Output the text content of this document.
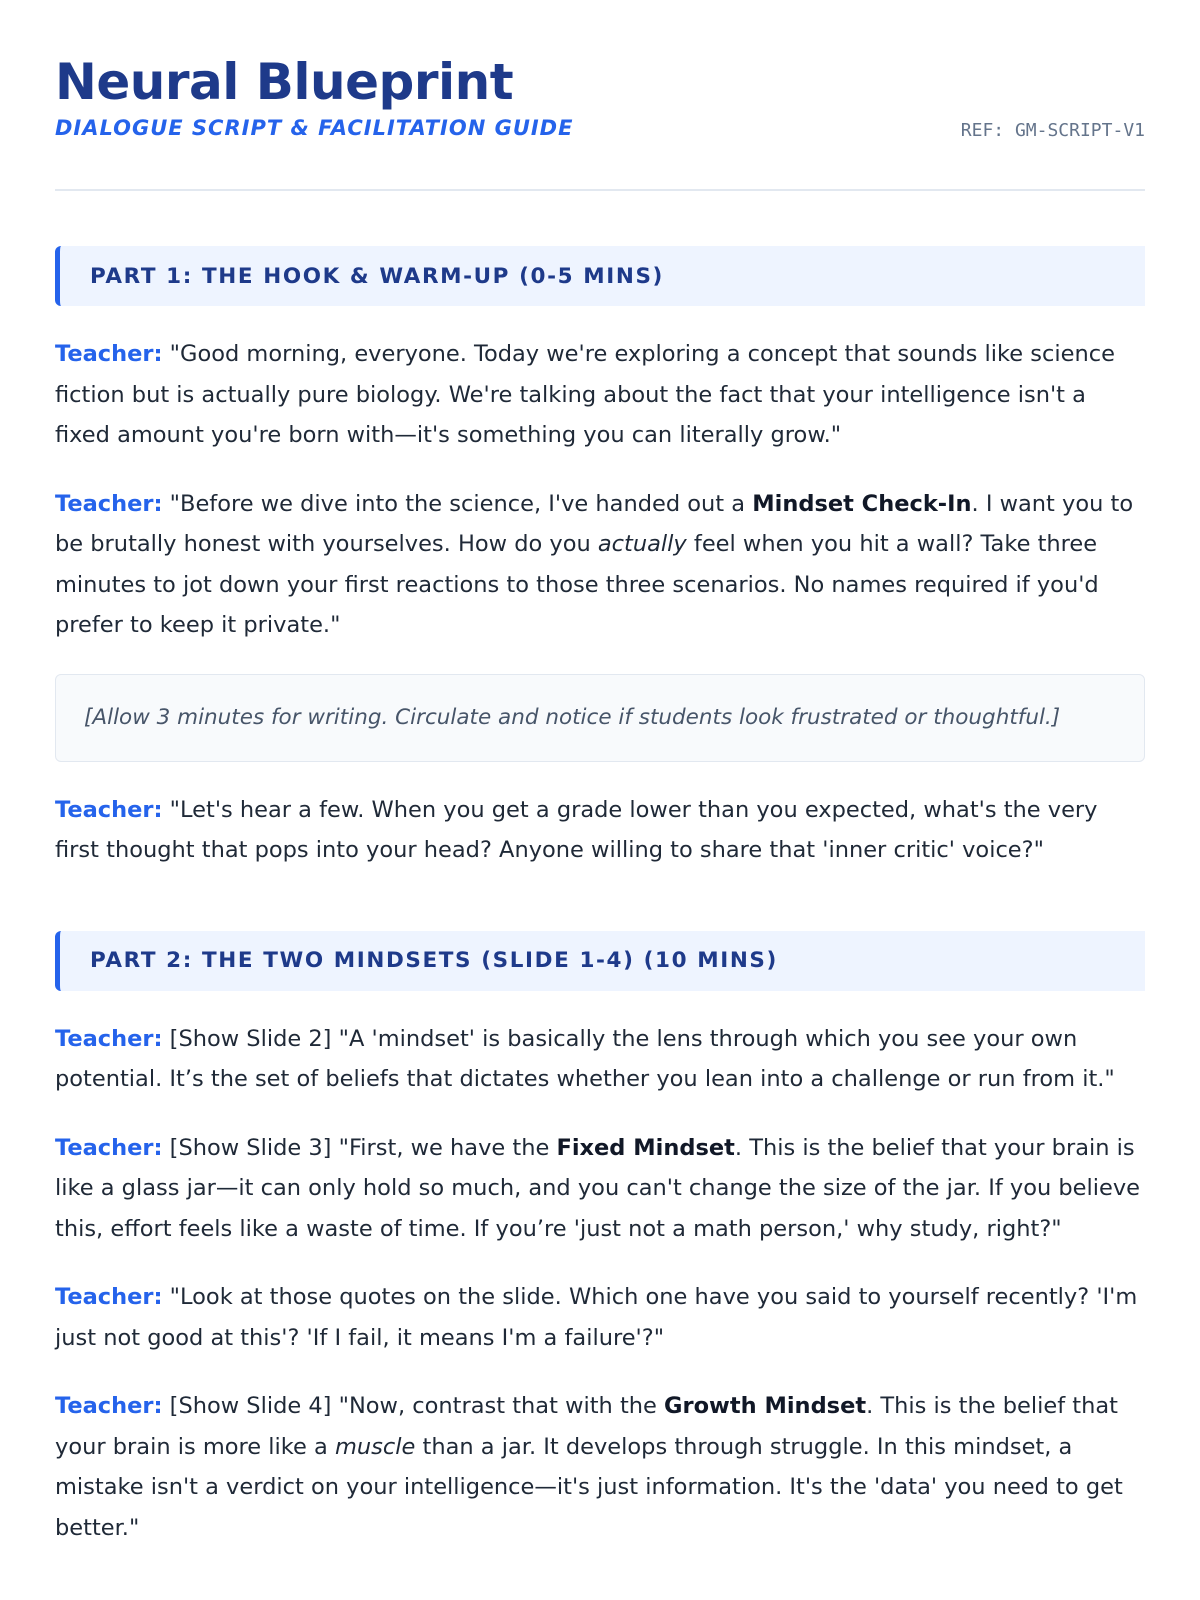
Neural Blueprint
DIALOGUE SCRIPT & FACILITATION GUIDE	REF: GM-SCRIPT-V1
PART 1: THE HOOK & WARM-UP (0-5 MINS)

Teacher: "Good morning, everyone. Today we're exploring a concept that sounds like science fiction but is actually pure biology. We're talking about the fact that your intelligence isn't a fixed amount you're born with—it's something you can literally grow."

Teacher: "Before we dive into the science, I've handed out a Mindset Check-In. I want you to be brutally honest with yourselves. How do you actually feel when you hit a wall? Take three minutes to jot down your first reactions to those three scenarios. No names required if you'd prefer to keep it private."

[Allow 3 minutes for writing. Circulate and notice if students look frustrated or thoughtful.]

Teacher: "Let's hear a few. When you get a grade lower than you expected, what's the very first thought that pops into your head? Anyone willing to share that 'inner critic' voice?"

PART 2: THE TWO MINDSETS (SLIDE 1-4) (10 MINS)

Teacher: [Show Slide 2] "A 'mindset' is basically the lens through which you see your own potential. It’s the set of beliefs that dictates whether you lean into a challenge or run from it."

Teacher: [Show Slide 3] "First, we have the Fixed Mindset. This is the belief that your brain is like a glass jar—it can only hold so much, and you can't change the size of the jar. If you believe this, effort feels like a waste of time. If you’re 'just not a math person,' why study, right?"

Teacher: "Look at those quotes on the slide. Which one have you said to yourself recently? 'I'm just not good at this'? 'If I fail, it means I'm a failure'?"

Teacher: [Show Slide 4] "Now, contrast that with the Growth Mindset. This is the belief that your brain is more like a muscle than a jar. It develops through struggle. In this mindset, a mistake isn't a verdict on your intelligence—it's just information. It's the 'data' you need to get better."
